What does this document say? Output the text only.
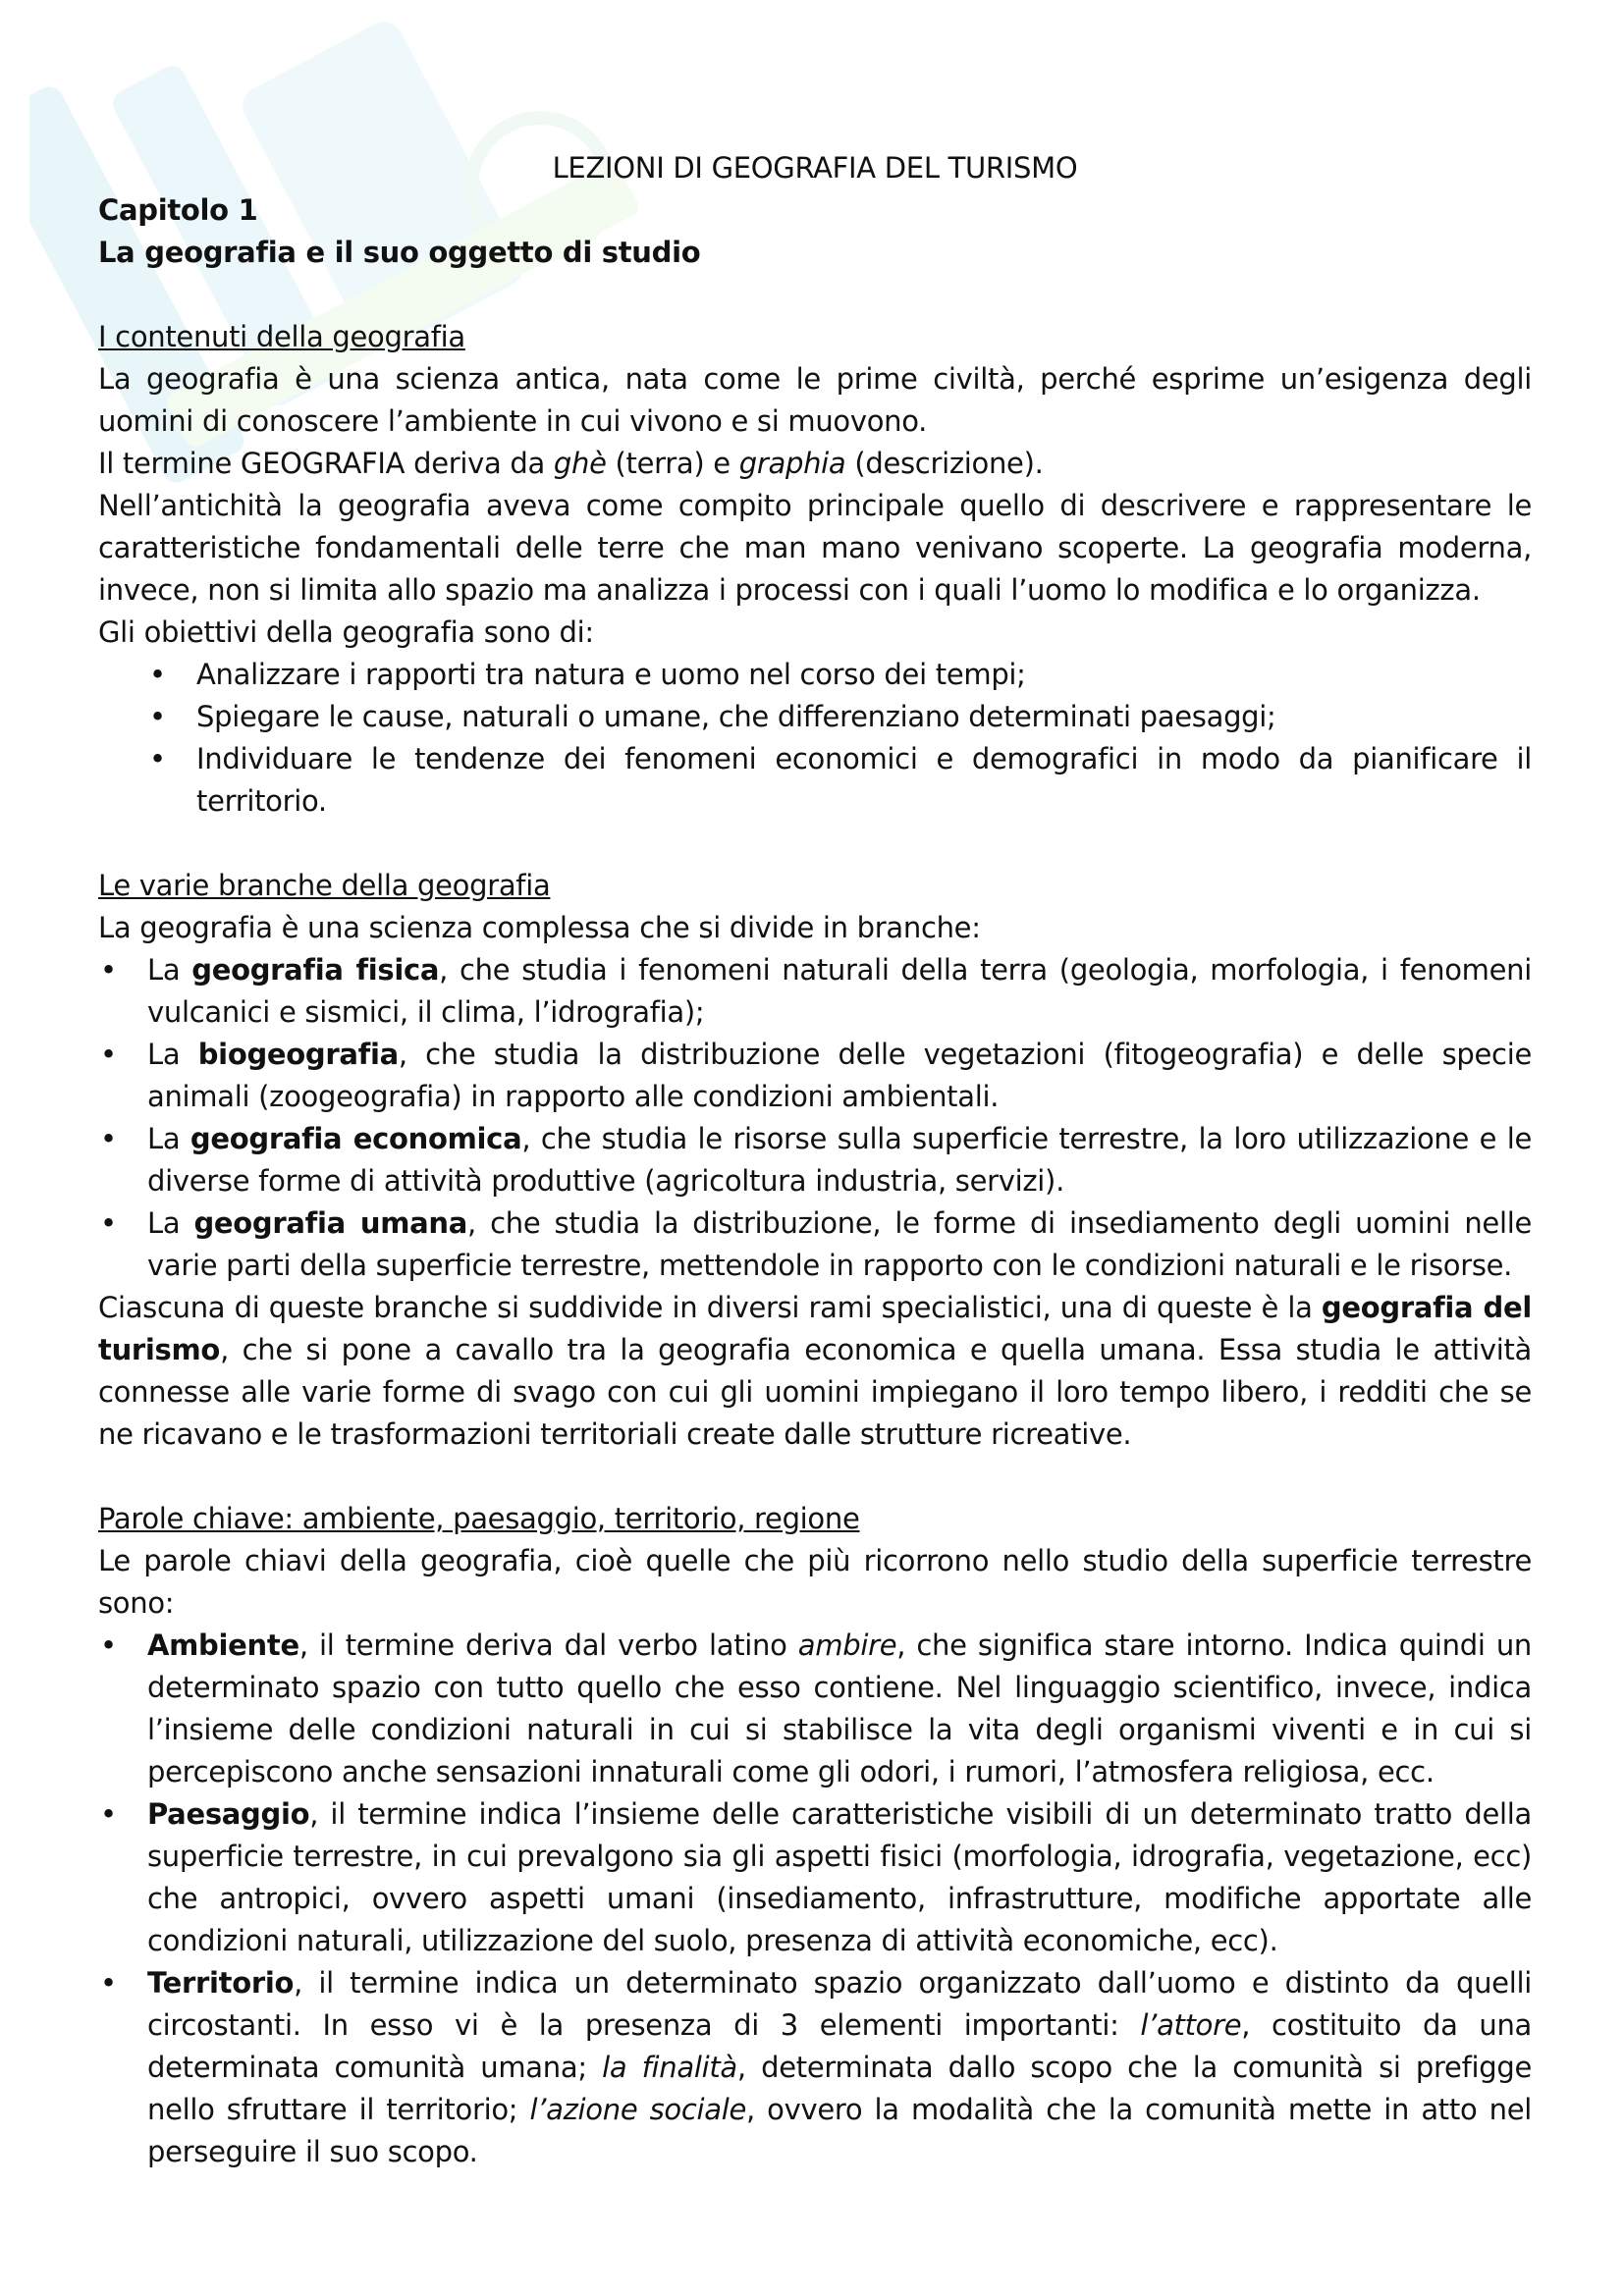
LEZIONI DI GEOGRAFIA DEL TURISMO

Capitolo 1

La geografia e il suo oggetto di studio

I contenuti della geografia

La geografia è una scienza antica, nata come le prime civiltà, perché esprime un’esigenza degli uomini di conoscere l’ambiente in cui vivono e si muovono.

Il termine GEOGRAFIA deriva da ghè (terra) e graphia (descrizione).

Nell’antichità la geografia aveva come compito principale quello di descrivere e rappresentare le caratteristiche fondamentali delle terre che man mano venivano scoperte. La geografia moderna, invece, non si limita allo spazio ma analizza i processi con i quali l’uomo lo modifica e lo organizza.

Gli obiettivi della geografia sono di:

• Analizzare i rapporti tra natura e uomo nel corso dei tempi;
• Spiegare le cause, naturali o umane, che differenziano determinati paesaggi;
• Individuare le tendenze dei fenomeni economici e demografici in modo da pianificare il territorio.

Le varie branche della geografia

La geografia è una scienza complessa che si divide in branche:

• La geografia fisica, che studia i fenomeni naturali della terra (geologia, morfologia, i fenomeni vulcanici e sismici, il clima, l’idrografia);
• La biogeografia, che studia la distribuzione delle vegetazioni (fitogeografia) e delle specie animali (zoogeografia) in rapporto alle condizioni ambientali.
• La geografia economica, che studia le risorse sulla superficie terrestre, la loro utilizzazione e le diverse forme di attività produttive (agricoltura industria, servizi).
• La geografia umana, che studia la distribuzione, le forme di insediamento degli uomini nelle varie parti della superficie terrestre, mettendole in rapporto con le condizioni naturali e le risorse.

Ciascuna di queste branche si suddivide in diversi rami specialistici, una di queste è la geografia del turismo, che si pone a cavallo tra la geografia economica e quella umana. Essa studia le attività connesse alle varie forme di svago con cui gli uomini impiegano il loro tempo libero, i redditi che se ne ricavano e le trasformazioni territoriali create dalle strutture ricreative.

Parole chiave: ambiente, paesaggio, territorio, regione

Le parole chiavi della geografia, cioè quelle che più ricorrono nello studio della superficie terrestre sono:

• Ambiente, il termine deriva dal verbo latino ambire, che significa stare intorno. Indica quindi un determinato spazio con tutto quello che esso contiene. Nel linguaggio scientifico, invece, indica l’insieme delle condizioni naturali in cui si stabilisce la vita degli organismi viventi e in cui si percepiscono anche sensazioni innaturali come gli odori, i rumori, l’atmosfera religiosa, ecc.
• Paesaggio, il termine indica l’insieme delle caratteristiche visibili di un determinato tratto della superficie terrestre, in cui prevalgono sia gli aspetti fisici (morfologia, idrografia, vegetazione, ecc) che antropici, ovvero aspetti umani (insediamento, infrastrutture, modifiche apportate alle condizioni naturali, utilizzazione del suolo, presenza di attività economiche, ecc).
• Territorio, il termine indica un determinato spazio organizzato dall’uomo e distinto da quelli circostanti. In esso vi è la presenza di 3 elementi importanti: l’attore, costituito da una determinata comunità umana; la finalità, determinata dallo scopo che la comunità si prefigge nello sfruttare il territorio; l’azione sociale, ovvero la modalità che la comunità mette in atto nel perseguire il suo scopo.
